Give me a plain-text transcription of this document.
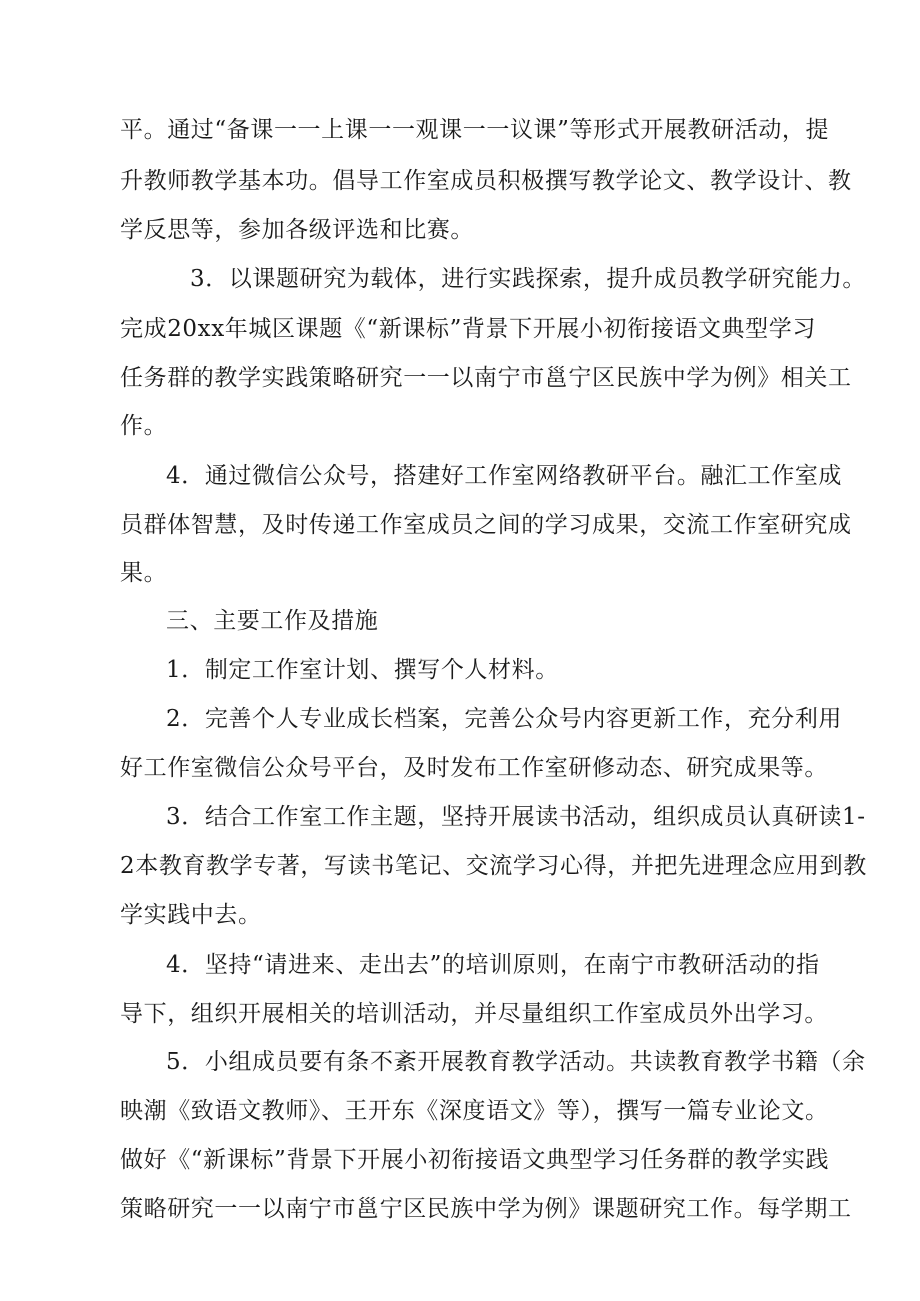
平。通过“备课一一上课一一观课一一议课”等形式开展教研活动，提
升教师教学基本功。倡导工作室成员积极撰写教学论文、教学设计、教
学反思等，参加各级评选和比赛。
3．以课题研究为载体，进行实践探索，提升成员教学研究能力。
完成20xx年城区课题《“新课标”背景下开展小初衔接语文典型学习
任务群的教学实践策略研究一一以南宁市邕宁区民族中学为例》相关工
作。
4．通过微信公众号，搭建好工作室网络教研平台。融汇工作室成
员群体智慧，及时传递工作室成员之间的学习成果，交流工作室研究成
果。
三、主要工作及措施
1．制定工作室计划、撰写个人材料。
2．完善个人专业成长档案，完善公众号内容更新工作，充分利用
好工作室微信公众号平台，及时发布工作室研修动态、研究成果等。
3．结合工作室工作主题，坚持开展读书活动，组织成员认真研读1-
2本教育教学专著，写读书笔记、交流学习心得，并把先进理念应用到教
学实践中去。
4．坚持“请进来、走出去”的培训原则，在南宁市教研活动的指
导下，组织开展相关的培训活动，并尽量组织工作室成员外出学习。
5．小组成员要有条不紊开展教育教学活动。共读教育教学书籍（余
映潮《致语文教师》、王开东《深度语文》等），撰写一篇专业论文。
做好《“新课标”背景下开展小初衔接语文典型学习任务群的教学实践
策略研究一一以南宁市邕宁区民族中学为例》课题研究工作。每学期工
